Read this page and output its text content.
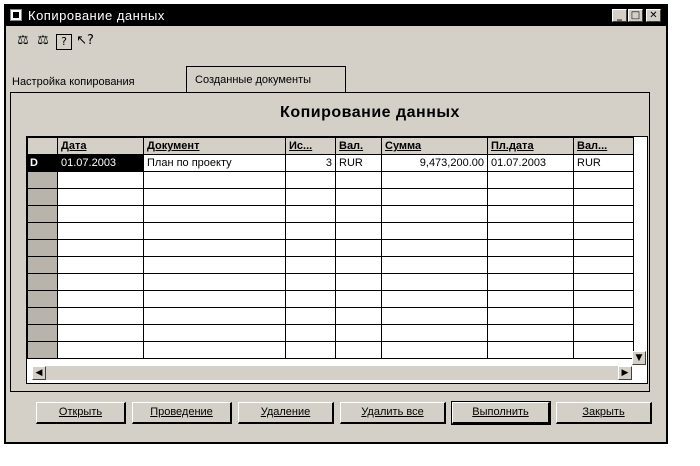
Копирование данных	_ □ ✕
⚖ ⚖	? ↖?
Настройка копирования	Созданные документы
Копирование данных
	Дата	Документ	Ис...	Вал.	Сумма	Пл.дата	Вал...
D	01.07.2003	План по проекту	3	RUR	9,473,200.00	01.07.2003	RUR

▼
◀	▶
Открыть	Проведение	Удаление	Удалить все	Выполнить	Закрыть
